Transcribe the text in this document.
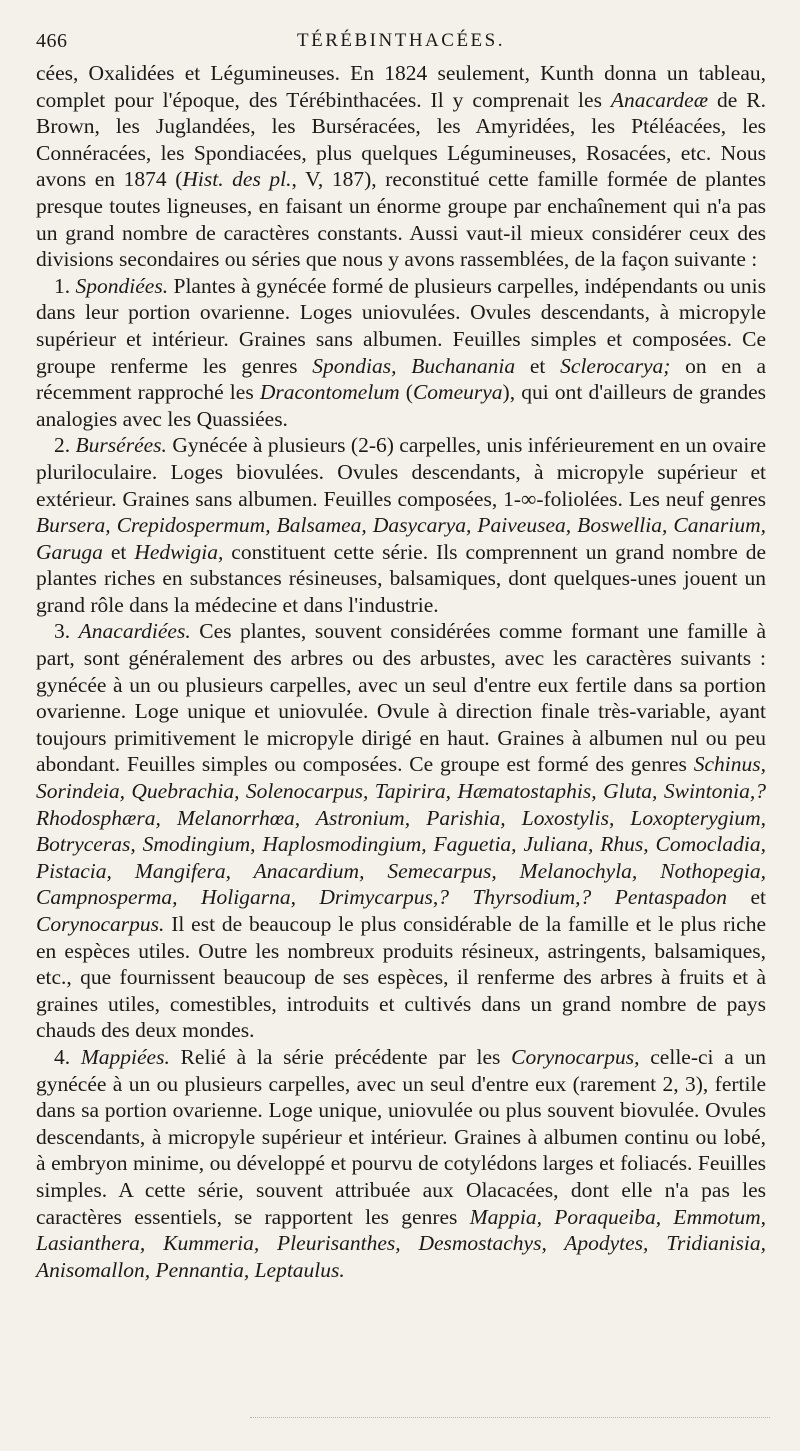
466	TÉRÉBINTHACÉES.

cées, Oxalidées et Légumineuses. En 1824 seulement, Kunth donna un tableau, complet pour l'époque, des Térébinthacées. Il y comprenait les Anacardeæ de R. Brown, les Juglandées, les Burséracées, les Amyridées, les Ptéléacées, les Connéracées, les Spondiacées, plus quelques Légumineuses, Rosacées, etc. Nous avons en 1874 (Hist. des pl., V, 187), reconstitué cette famille formée de plantes presque toutes ligneuses, en faisant un énorme groupe par enchaînement qui n'a pas un grand nombre de caractères constants. Aussi vaut-il mieux considérer ceux des divisions secondaires ou séries que nous y avons rassemblées, de la façon suivante :

1. Spondiées. Plantes à gynécée formé de plusieurs carpelles, indépendants ou unis dans leur portion ovarienne. Loges uniovulées. Ovules descendants, à micropyle supérieur et intérieur. Graines sans albumen. Feuilles simples et composées. Ce groupe renferme les genres Spondias, Buchanania et Sclerocarya; on en a récemment rapproché les Dracontomelum (Comeurya), qui ont d'ailleurs de grandes analogies avec les Quassiées.

2. Bursérées. Gynécée à plusieurs (2-6) carpelles, unis inférieurement en un ovaire pluriloculaire. Loges biovulées. Ovules descendants, à micropyle supérieur et extérieur. Graines sans albumen. Feuilles composées, 1-∞-foliolées. Les neuf genres Bursera, Crepidospermum, Balsamea, Dasycarya, Paiveusea, Boswellia, Canarium, Garuga et Hedwigia, constituent cette série. Ils comprennent un grand nombre de plantes riches en substances résineuses, balsamiques, dont quelques-unes jouent un grand rôle dans la médecine et dans l'industrie.

3. Anacardiées. Ces plantes, souvent considérées comme formant une famille à part, sont généralement des arbres ou des arbustes, avec les caractères suivants : gynécée à un ou plusieurs carpelles, avec un seul d'entre eux fertile dans sa portion ovarienne. Loge unique et uniovulée. Ovule à direction finale très-variable, ayant toujours primitivement le micropyle dirigé en haut. Graines à albumen nul ou peu abondant. Feuilles simples ou composées. Ce groupe est formé des genres Schinus, Sorindeia, Quebrachia, Solenocarpus, Tapirira, Hæmatostaphis, Gluta, Swintonia,? Rhodosphæra, Melanorrhœa, Astronium, Parishia, Loxostylis, Loxopterygium, Botryceras, Smodingium, Haplosmodingium, Faguetia, Juliana, Rhus, Comocladia, Pistacia, Mangifera, Anacardium, Semecarpus, Melanochyla, Nothopegia, Campnosperma, Holigarna, Drimycarpus,? Thyrsodium,? Pentaspadon et Corynocarpus. Il est de beaucoup le plus considérable de la famille et le plus riche en espèces utiles. Outre les nombreux produits résineux, astringents, balsamiques, etc., que fournissent beaucoup de ses espèces, il renferme des arbres à fruits et à graines utiles, comestibles, introduits et cultivés dans un grand nombre de pays chauds des deux mondes.

4. Mappiées. Relié à la série précédente par les Corynocarpus, celle-ci a un gynécée à un ou plusieurs carpelles, avec un seul d'entre eux (rarement 2, 3), fertile dans sa portion ovarienne. Loge unique, uniovulée ou plus souvent biovulée. Ovules descendants, à micropyle supérieur et intérieur. Graines à albumen continu ou lobé, à embryon minime, ou développé et pourvu de cotylédons larges et foliacés. Feuilles simples. A cette série, souvent attribuée aux Olacacées, dont elle n'a pas les caractères essentiels, se rapportent les genres Mappia, Poraqueiba, Emmotum, Lasianthera, Kummeria, Pleurisanthes, Desmostachys, Apodytes, Tridianisia, Anisomallon, Pennantia, Leptaulus.
